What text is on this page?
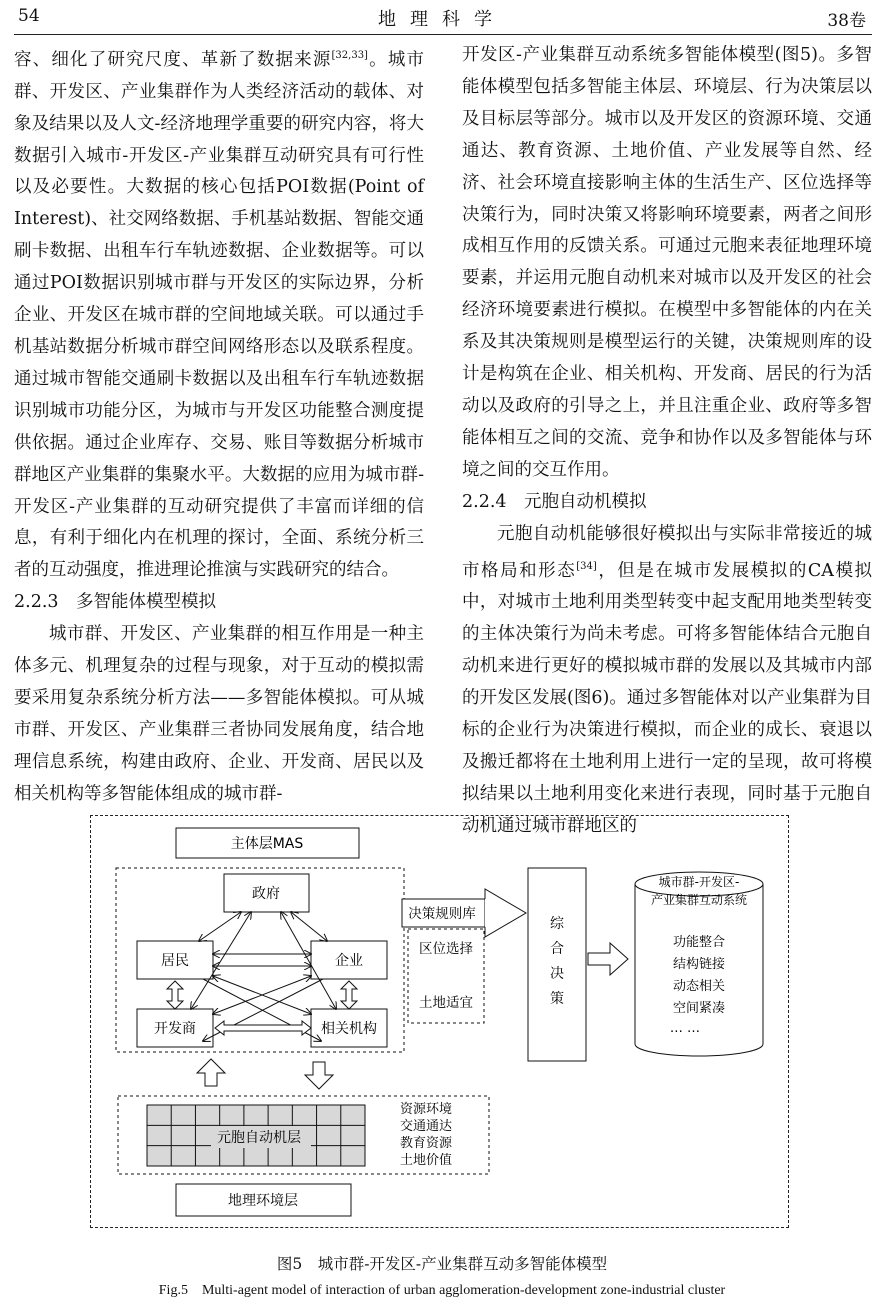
54	地理科学	38卷

容、细化了研究尺度、革新了数据来源[32,33]。城市群、开发区、产业集群作为人类经济活动的载体、对象及结果以及人文-经济地理学重要的研究内容，将大数据引入城市-开发区-产业集群互动研究具有可行性以及必要性。大数据的核心包括POI数据(Point of Interest)、社交网络数据、手机基站数据、智能交通刷卡数据、出租车行车轨迹数据、企业数据等。可以通过POI数据识别城市群与开发区的实际边界，分析企业、开发区在城市群的空间地域关联。可以通过手机基站数据分析城市群空间网络形态以及联系程度。通过城市智能交通刷卡数据以及出租车行车轨迹数据识别城市功能分区，为城市与开发区功能整合测度提供依据。通过企业库存、交易、账目等数据分析城市群地区产业集群的集聚水平。大数据的应用为城市群-开发区-产业集群的互动研究提供了丰富而详细的信息，有利于细化内在机理的探讨，全面、系统分析三者的互动强度，推进理论推演与实践研究的结合。

2.2.3　多智能体模型模拟

城市群、开发区、产业集群的相互作用是一种主体多元、机理复杂的过程与现象，对于互动的模拟需要采用复杂系统分析方法——多智能体模拟。可从城市群、开发区、产业集群三者协同发展角度，结合地理信息系统，构建由政府、企业、开发商、居民以及相关机构等多智能体组成的城市群-

开发区-产业集群互动系统多智能体模型(图5)。多智能体模型包括多智能主体层、环境层、行为决策层以及目标层等部分。城市以及开发区的资源环境、交通通达、教育资源、土地价值、产业发展等自然、经济、社会环境直接影响主体的生活生产、区位选择等决策行为，同时决策又将影响环境要素，两者之间形成相互作用的反馈关系。可通过元胞来表征地理环境要素，并运用元胞自动机来对城市以及开发区的社会经济环境要素进行模拟。在模型中多智能体的内在关系及其决策规则是模型运行的关键，决策规则库的设计是构筑在企业、相关机构、开发商、居民的行为活动以及政府的引导之上，并且注重企业、政府等多智能体相互之间的交流、竞争和协作以及多智能体与环境之间的交互作用。

2.2.4　元胞自动机模拟

元胞自动机能够很好模拟出与实际非常接近的城市格局和形态[34]，但是在城市发展模拟的CA模拟中，对城市土地利用类型转变中起支配用地类型转变的主体决策行为尚未考虑。可将多智能体结合元胞自动机来进行更好的模拟城市群的发展以及其城市内部的开发区发展(图6)。通过多智能体对以产业集群为目标的企业行为决策进行模拟，而企业的成长、衰退以及搬迁都将在土地利用上进行一定的呈现，故可将模拟结果以土地利用变化来进行表现，同时基于元胞自动机通过城市群地区的

主体层MAS
政府
居民	企业
开发商	相关机构
决策规则库
区位选择
土地适宜
综
合
决
策
城市群-开发区-
产业集群互动系统
功能整合
结构链接
动态相关
空间紧凑
… …
元胞自动机层
资源环境
交通通达
教育资源
土地价值
地理环境层
图5　城市群-开发区-产业集群互动多智能体模型
Fig.5　Multi-agent model of interaction of urban agglomeration-development zone-industrial cluster
